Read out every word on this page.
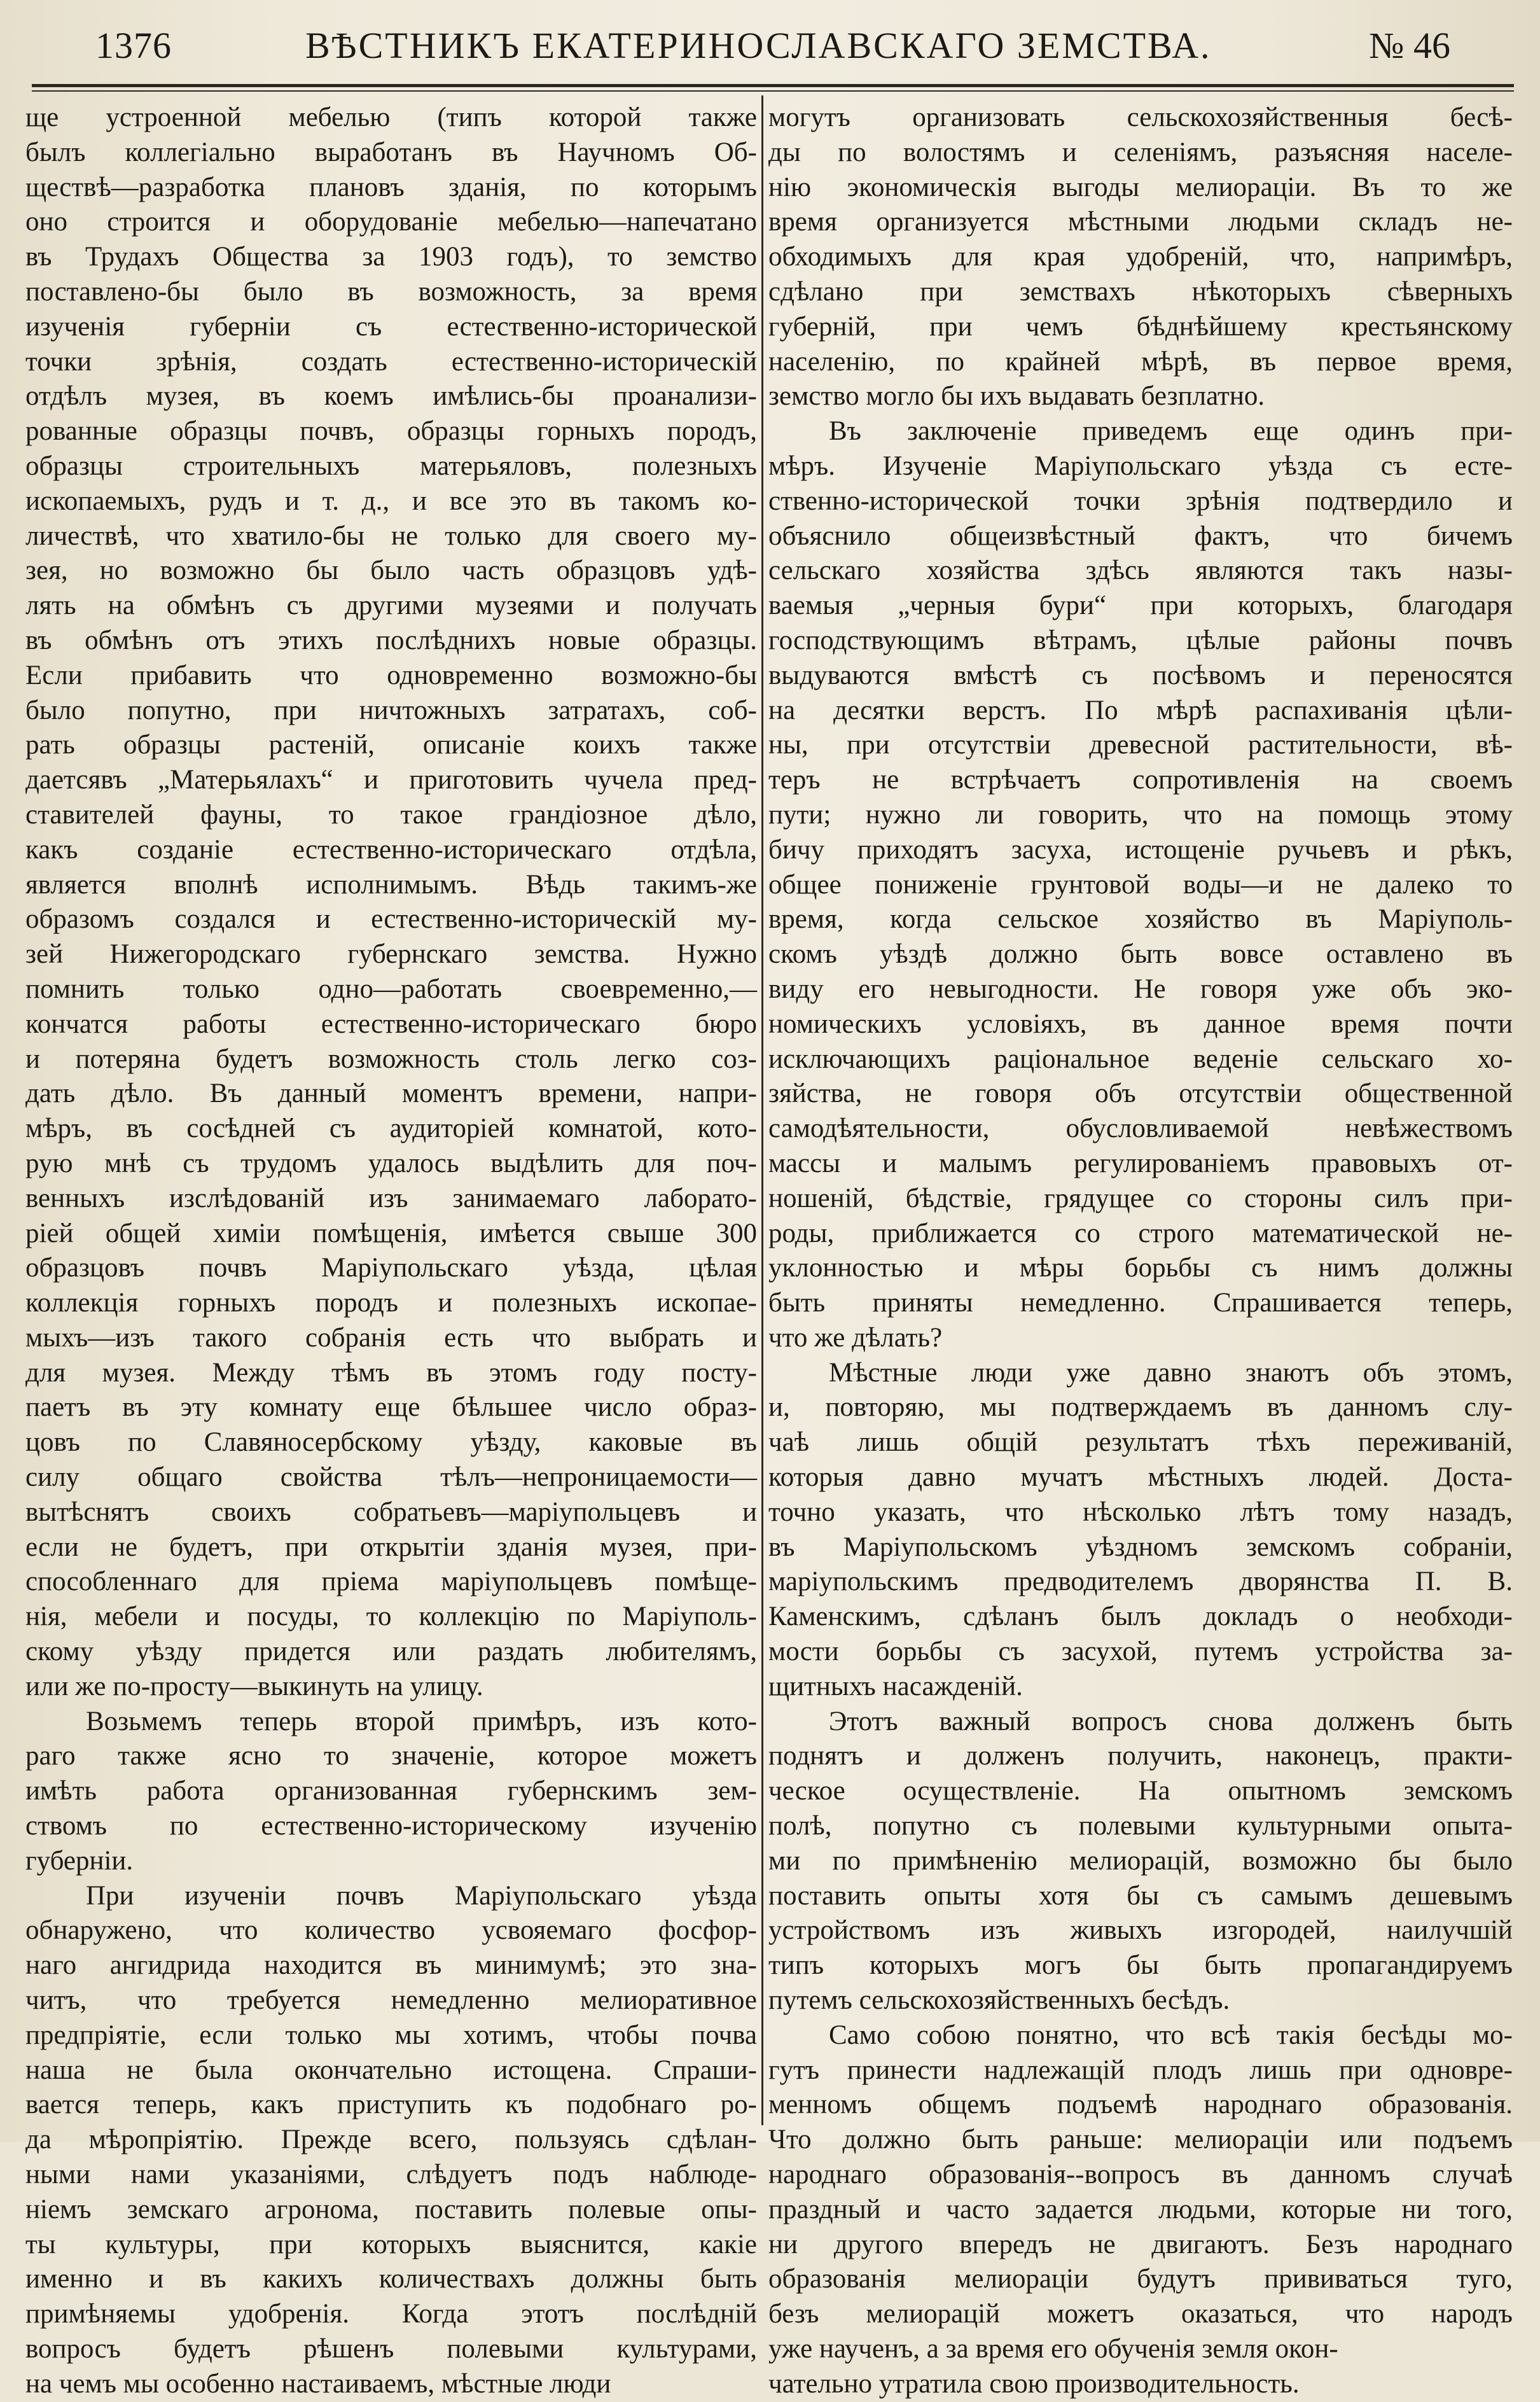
1376	ВѢСТНИКЪ ЕКАТЕРИНОСЛАВСКАГО ЗЕМСТВА.	№ 46
ще устроенной мебелью (типъ которой также
былъ коллегіально выработанъ въ Научномъ Об-
ществѣ—разработка плановъ зданія, по которымъ
оно строится и оборудованіе мебелью—напечатано
въ Трудахъ Общества за 1903 годъ), то земство
поставлено-бы было въ возможность, за время
изученія губерніи съ естественно-исторической
точки зрѣнія, создать естественно-историческій
отдѣлъ музея, въ коемъ имѣлись-бы проанализи-
рованные образцы почвъ, образцы горныхъ породъ,
образцы строительныхъ матерьяловъ, полезныхъ
ископаемыхъ, рудъ и т. д., и все это въ такомъ ко-
личествѣ, что хватило-бы не только для своего му-
зея, но возможно бы было часть образцовъ удѣ-
лять на обмѣнъ съ другими музеями и получать
въ обмѣнъ отъ этихъ послѣднихъ новые образцы.
Если прибавить что одновременно возможно-бы
было попутно, при ничтожныхъ затратахъ, соб-
рать образцы растеній, описаніе коихъ также
даетсявъ „Матерьялахъ“ и приготовить чучела пред-
ставителей фауны, то такое грандіозное дѣло,
какъ созданіе естественно-историческаго отдѣла,
является вполнѣ исполнимымъ. Вѣдь такимъ-же
образомъ создался и естественно-историческій му-
зей Нижегородскаго губернскаго земства. Нужно
помнить только одно—работать своевременно,—
кончатся работы естественно-историческаго бюро
и потеряна будетъ возможность столь легко соз-
дать дѣло. Въ данный моментъ времени, напри-
мѣръ, въ сосѣдней съ аудиторіей комнатой, кото-
рую мнѣ съ трудомъ удалось выдѣлить для поч-
венныхъ изслѣдованій изъ занимаемаго лаборато-
ріей общей химіи помѣщенія, имѣется свыше 300
образцовъ почвъ Маріупольскаго уѣзда, цѣлая
коллекція горныхъ породъ и полезныхъ ископае-
мыхъ—изъ такого собранія есть что выбрать и
для музея. Между тѣмъ въ этомъ году посту-
паетъ въ эту комнату еще бѣльшее число образ-
цовъ по Славяносербскому уѣзду, каковые въ
силу общаго свойства тѣлъ—непроницаемости—
вытѣснятъ своихъ собратьевъ—маріупольцевъ и
если не будетъ, при открытіи зданія музея, при-
способленнаго для пріема маріупольцевъ помѣще-
нія, мебели и посуды, то коллекцію по Маріуполь-
скому уѣзду придется или раздать любителямъ,
или же по-просту—выкинуть на улицу.
Возьмемъ теперь второй примѣръ, изъ кото-
раго также ясно то значеніе, которое можетъ
имѣть работа организованная губернскимъ зем-
ствомъ по естественно-историческому изученію
губерніи.
При изученіи почвъ Маріупольскаго уѣзда
обнаружено, что количество усвояемаго фосфор-
наго ангидрида находится въ минимумѣ; это зна-
читъ, что требуется немедленно мелиоративное
предпріятіе, если только мы хотимъ, чтобы почва
наша не была окончательно истощена. Спраши-
вается теперь, какъ приступить къ подобнаго ро-
да мѣропріятію. Прежде всего, пользуясь сдѣлан-
ными нами указаніями, слѣдуетъ подъ наблюде-
ніемъ земскаго агронома, поставить полевые опы-
ты культуры, при которыхъ выяснится, какіе
именно и въ какихъ количествахъ должны быть
примѣняемы удобренія. Когда этотъ послѣдній
вопросъ будетъ рѣшенъ полевыми культурами,
на чемъ мы особенно настаиваемъ, мѣстные люди
могутъ организовать сельскохозяйственныя бесѣ-
ды по волостямъ и селеніямъ, разъясняя населе-
нію экономическія выгоды мелиораціи. Въ то же
время организуется мѣстными людьми складъ не-
обходимыхъ для края удобреній, что, напримѣръ,
сдѣлано при земствахъ нѣкоторыхъ сѣверныхъ
губерній, при чемъ бѣднѣйшему крестьянскому
населенію, по крайней мѣрѣ, въ первое время,
земство могло бы ихъ выдавать безплатно.
Въ заключеніе приведемъ еще одинъ при-
мѣръ. Изученіе Маріупольскаго уѣзда съ есте-
ственно-исторической точки зрѣнія подтвердило и
объяснило общеизвѣстный фактъ, что бичемъ
сельскаго хозяйства здѣсь являются такъ назы-
ваемыя „черныя бури“ при которыхъ, благодаря
господствующимъ вѣтрамъ, цѣлые районы почвъ
выдуваются вмѣстѣ съ посѣвомъ и переносятся
на десятки верстъ. По мѣрѣ распахиванія цѣли-
ны, при отсутствіи древесной растительности, вѣ-
теръ не встрѣчаетъ сопротивленія на своемъ
пути; нужно ли говорить, что на помощь этому
бичу приходятъ засуха, истощеніе ручьевъ и рѣкъ,
общее пониженіе грунтовой воды—и не далеко то
время, когда сельское хозяйство въ Маріуполь-
скомъ уѣздѣ должно быть вовсе оставлено въ
виду его невыгодности. Не говоря уже объ эко-
номическихъ условіяхъ, въ данное время почти
исключающихъ раціональное веденіе сельскаго хо-
зяйства, не говоря объ отсутствіи общественной
самодѣятельности, обусловливаемой невѣжествомъ
массы и малымъ регулированіемъ правовыхъ от-
ношеній, бѣдствіе, грядущее со стороны силъ при-
роды, приближается со строго математической не-
уклонностью и мѣры борьбы съ нимъ должны
быть приняты немедленно. Спрашивается теперь,
что же дѣлать?
Мѣстные люди уже давно знаютъ объ этомъ,
и, повторяю, мы подтверждаемъ въ данномъ слу-
чаѣ лишь общій результатъ тѣхъ переживаній,
которыя давно мучатъ мѣстныхъ людей. Доста-
точно указать, что нѣсколько лѣтъ тому назадъ,
въ Маріупольскомъ уѣздномъ земскомъ собраніи,
маріупольскимъ предводителемъ дворянства П. В.
Каменскимъ, сдѣланъ былъ докладъ о необходи-
мости борьбы съ засухой, путемъ устройства за-
щитныхъ насажденій.
Этотъ важный вопросъ снова долженъ быть
поднятъ и долженъ получить, наконецъ, практи-
ческое осуществленіе. На опытномъ земскомъ
полѣ, попутно съ полевыми культурными опыта-
ми по примѣненію мелиорацій, возможно бы было
поставить опыты хотя бы съ самымъ дешевымъ
устройствомъ изъ живыхъ изгородей, наилучшій
типъ которыхъ могъ бы быть пропагандируемъ
путемъ сельскохозяйственныхъ бесѣдъ.
Само собою понятно, что всѣ такія бесѣды мо-
гутъ принести надлежащій плодъ лишь при одновре-
менномъ общемъ подъемѣ народнаго образованія.
Что должно быть раньше: мелиораціи или подъемъ
народнаго образованія--вопросъ въ данномъ случаѣ
праздный и часто задается людьми, которые ни того,
ни другого впередъ не двигаютъ. Безъ народнаго
образованія мелиораціи будутъ прививаться туго,
безъ мелиорацій можетъ оказаться, что народъ
уже наученъ, а за время его обученія земля окон-
чательно утратила свою производительность.
